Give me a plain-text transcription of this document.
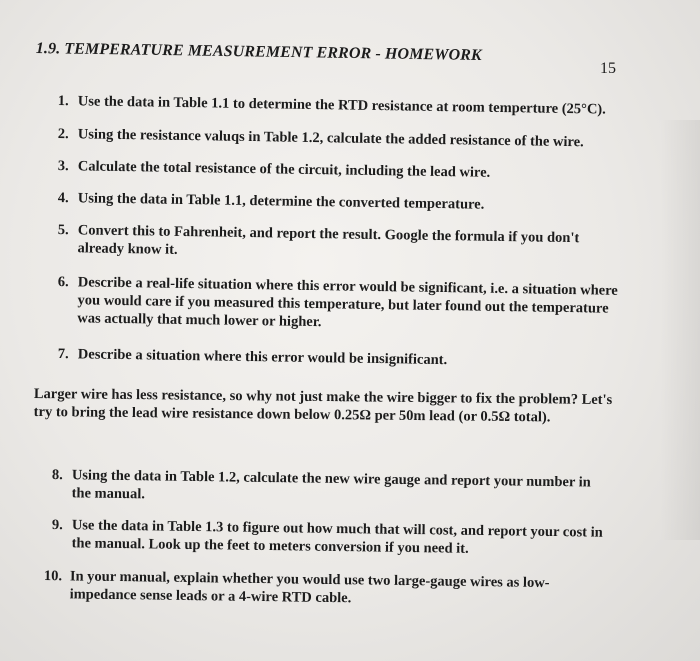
1.9. TEMPERATURE MEASUREMENT ERROR - HOMEWORK
15
1. Use the data in Table 1.1 to determine the RTD resistance at room temperture (25°C).
2. Using the resistance valuqs in Table 1.2, calculate the added resistance of the wire.
3. Calculate the total resistance of the circuit, including the lead wire.
4. Using the data in Table 1.1, determine the converted temperature.
5. Convert this to Fahrenheit, and report the result. Google the formula if you don't already know it.
6. Describe a real-life situation where this error would be significant, i.e. a situation where you would care if you measured this temperature, but later found out the temperature was actually that much lower or higher.
7. Describe a situation where this error would be insignificant.
Larger wire has less resistance, so why not just make the wire bigger to fix the problem? Let's try to bring the lead wire resistance down below 0.25Ω per 50m lead (or 0.5Ω total).
8. Using the data in Table 1.2, calculate the new wire gauge and report your number in the manual.
9. Use the data in Table 1.3 to figure out how much that will cost, and report your cost in the manual. Look up the feet to meters conversion if you need it.
10. In your manual, explain whether you would use two large-gauge wires as low-impedance sense leads or a 4-wire RTD cable.
